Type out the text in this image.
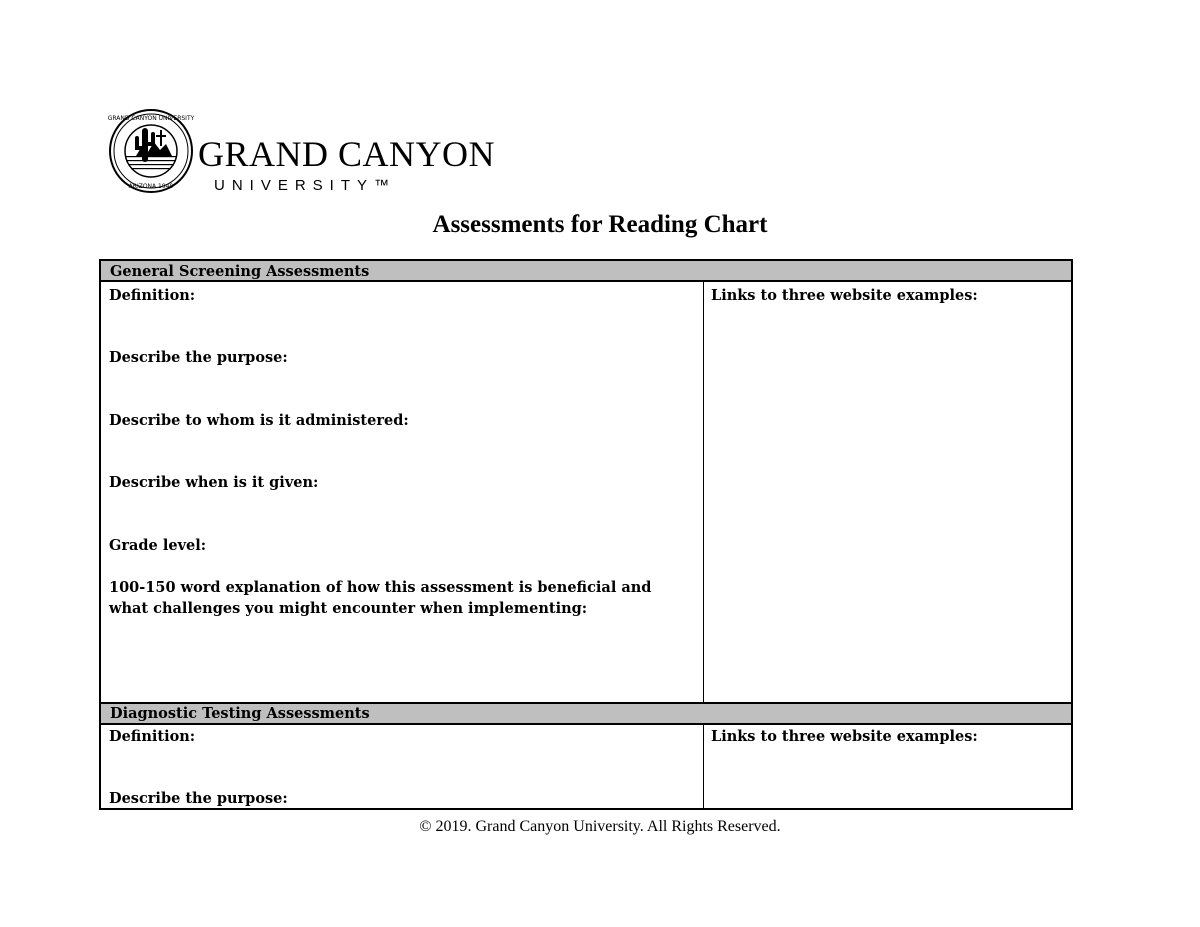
GRAND CANYON UNIVERSITY
ARIZONA 1949
GRAND CANYON
UNIVERSITY™
Assessments for Reading Chart
General Screening Assessments
Definition:
Describe the purpose:
Describe to whom is it administered:
Describe when is it given:
Grade level:
100-150 word explanation of how this assessment is beneficial and what challenges you might encounter when implementing:
Links to three website examples:
Diagnostic Testing Assessments
Definition:
Describe the purpose:
Links to three website examples:
© 2019. Grand Canyon University. All Rights Reserved.
